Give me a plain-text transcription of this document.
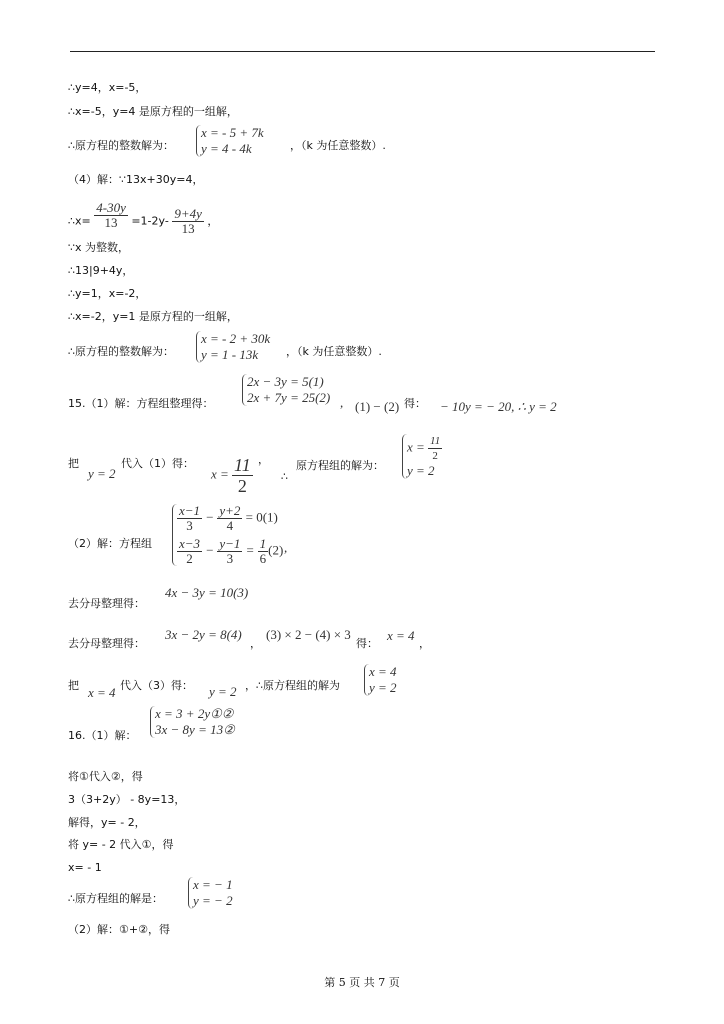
∴y=4，x=-5，
∴x=-5，y=4 是原方程的一组解，
∴原方程的整数解为：
x = - 5 + 7k
y = 4 - 4k	，（k 为任意整数）.
（4）解：∵13x+30y=4，
∴x= $\frac{4-30y}{13} =1-2y- \frac{9+4y}{13}$ ，
∵x 为整数，
∴13|9+4y，
∴y=1，x=-2，
∴x=-2，y=1 是原方程的一组解，
∴原方程的整数解为：
x = - 2 + 30k
y = 1 - 13k	，（k 为任意整数）.
15.（1）解：方程组整理得：
2x − 3y = 5(1)
2x + 7y = 25(2) , (1) − (2) 得： − 10y = − 20, ∴ y = 2
把
y = 2
代入（1）得：
$x = \frac{11}{2}$ ，
∴
原方程组的解为：
$x = \frac{11}{2}$
y = 2
（2）解：方程组
$\frac{x-1}{3} - \frac{y+2}{4} = 0(1)$
$\frac{x-3}{2} - \frac{y-1}{3} = \frac{1}{6} (2)$ ,
去分母整理得：
4x − 3y = 10(3)
去分母整理得：
3x − 2y = 8(4)
，
(3) × 2 − (4) × 3
得：
x = 4
，
把 x = 4 代入（3）得： y = 2 ，∴原方程组的解为
x = 4
y = 2
16.（1）解：
x = 3 + 2y①②
3x − 8y = 13②
将①代入②，得
3（3+2y） - 8y=13，
解得，y= - 2，
将 y= - 2 代入①，得
x= - 1
∴原方程组的解是：
x = − 1
y = − 2
（2）解：①+②，得
第 5 页 共 7 页
